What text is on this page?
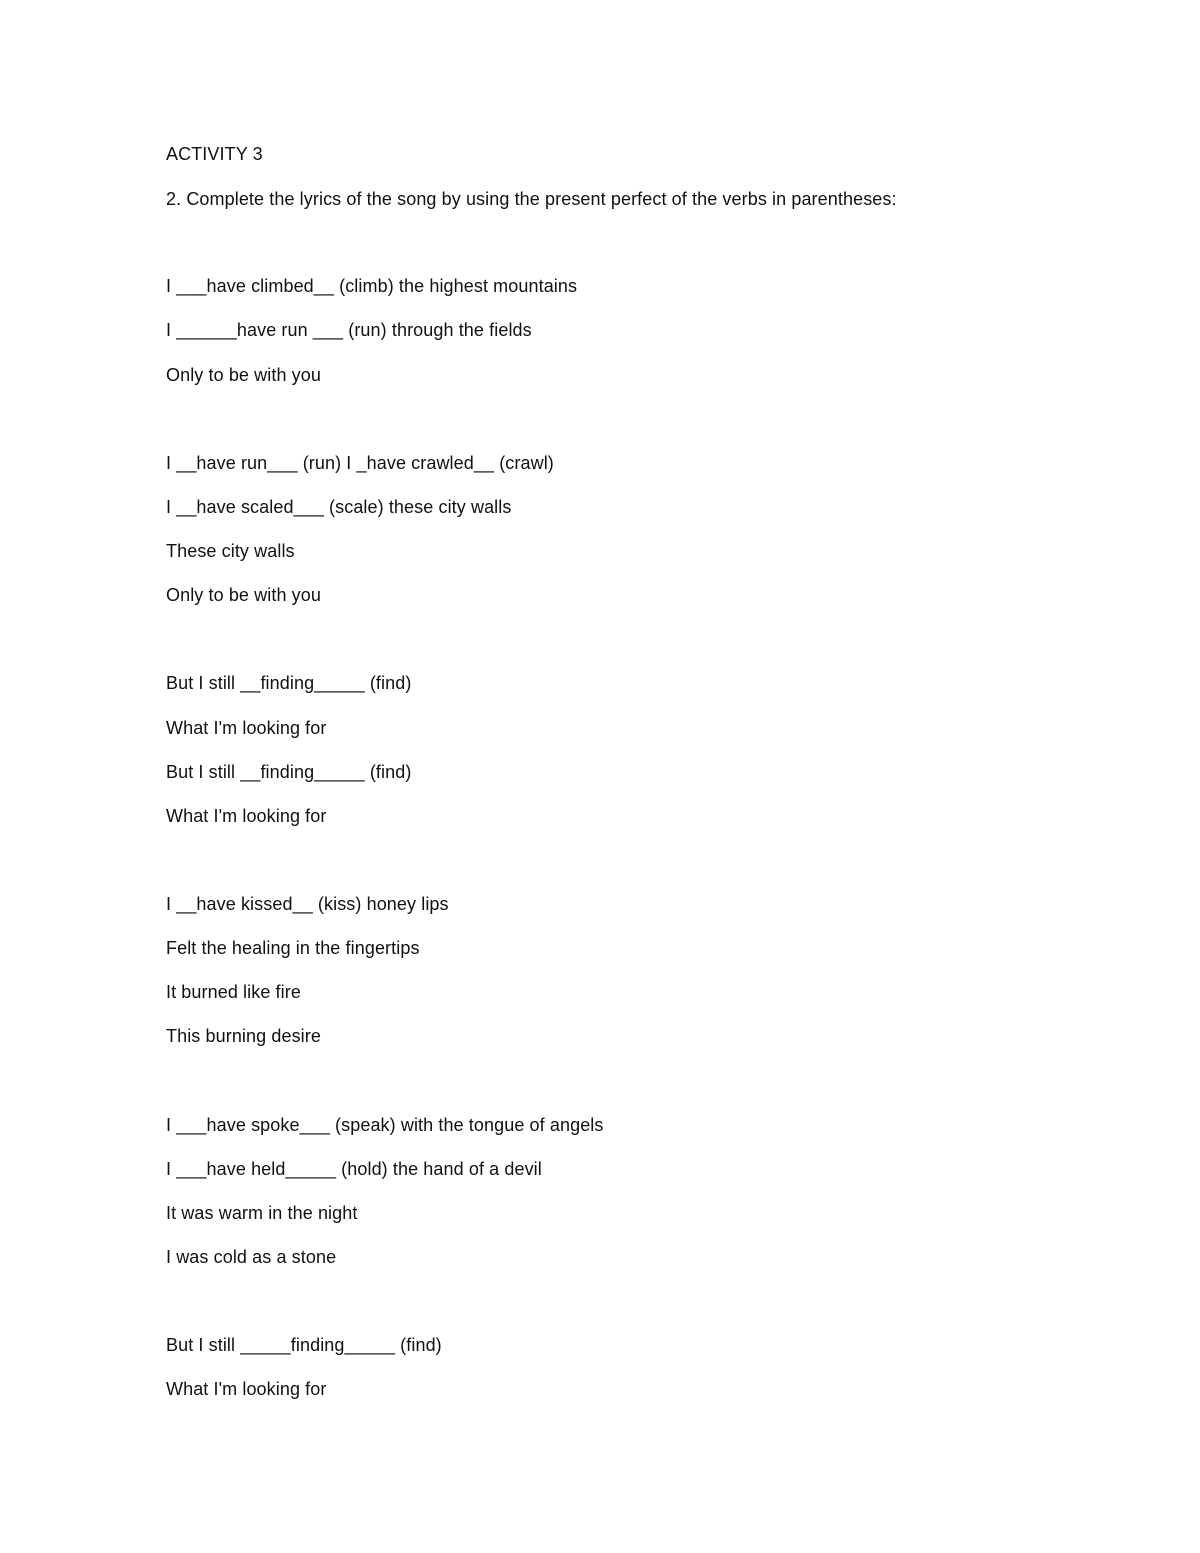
ACTIVITY 3
2. Complete the lyrics of the song by using the present perfect of the verbs in parentheses:
I ___have climbed__ (climb) the highest mountains
I ______have run ___ (run) through the fields
Only to be with you
I __have run___ (run) I _have crawled__ (crawl)
I __have scaled___ (scale) these city walls
These city walls
Only to be with you
But I still __finding_____ (find)
What I'm looking for
But I still __finding_____ (find)
What I'm looking for
I __have kissed__ (kiss) honey lips
Felt the healing in the fingertips
It burned like fire
This burning desire
I ___have spoke___ (speak) with the tongue of angels
I ___have held_____ (hold) the hand of a devil
It was warm in the night
I was cold as a stone
But I still _____finding_____ (find)
What I'm looking for
